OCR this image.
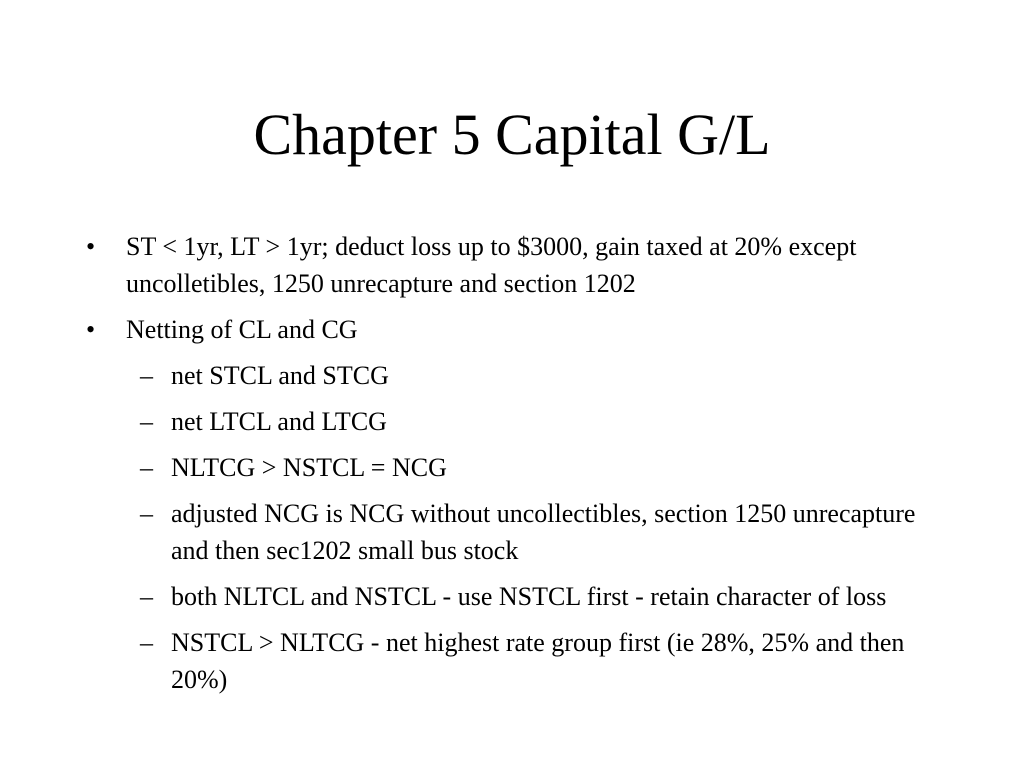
Chapter 5 Capital G/L
• ST < 1yr, LT > 1yr; deduct loss up to $3000, gain taxed at 20% except uncolletibles, 1250 unrecapture and section 1202
• Netting of CL and CG
– net STCL and STCG
– net LTCL and LTCG
– NLTCG > NSTCL = NCG
– adjusted NCG is NCG without uncollectibles, section 1250 unrecapture and then sec1202 small bus stock
– both NLTCL and NSTCL - use NSTCL first - retain character of loss
– NSTCL > NLTCG - net highest rate group first (ie 28%, 25% and then 20%)
